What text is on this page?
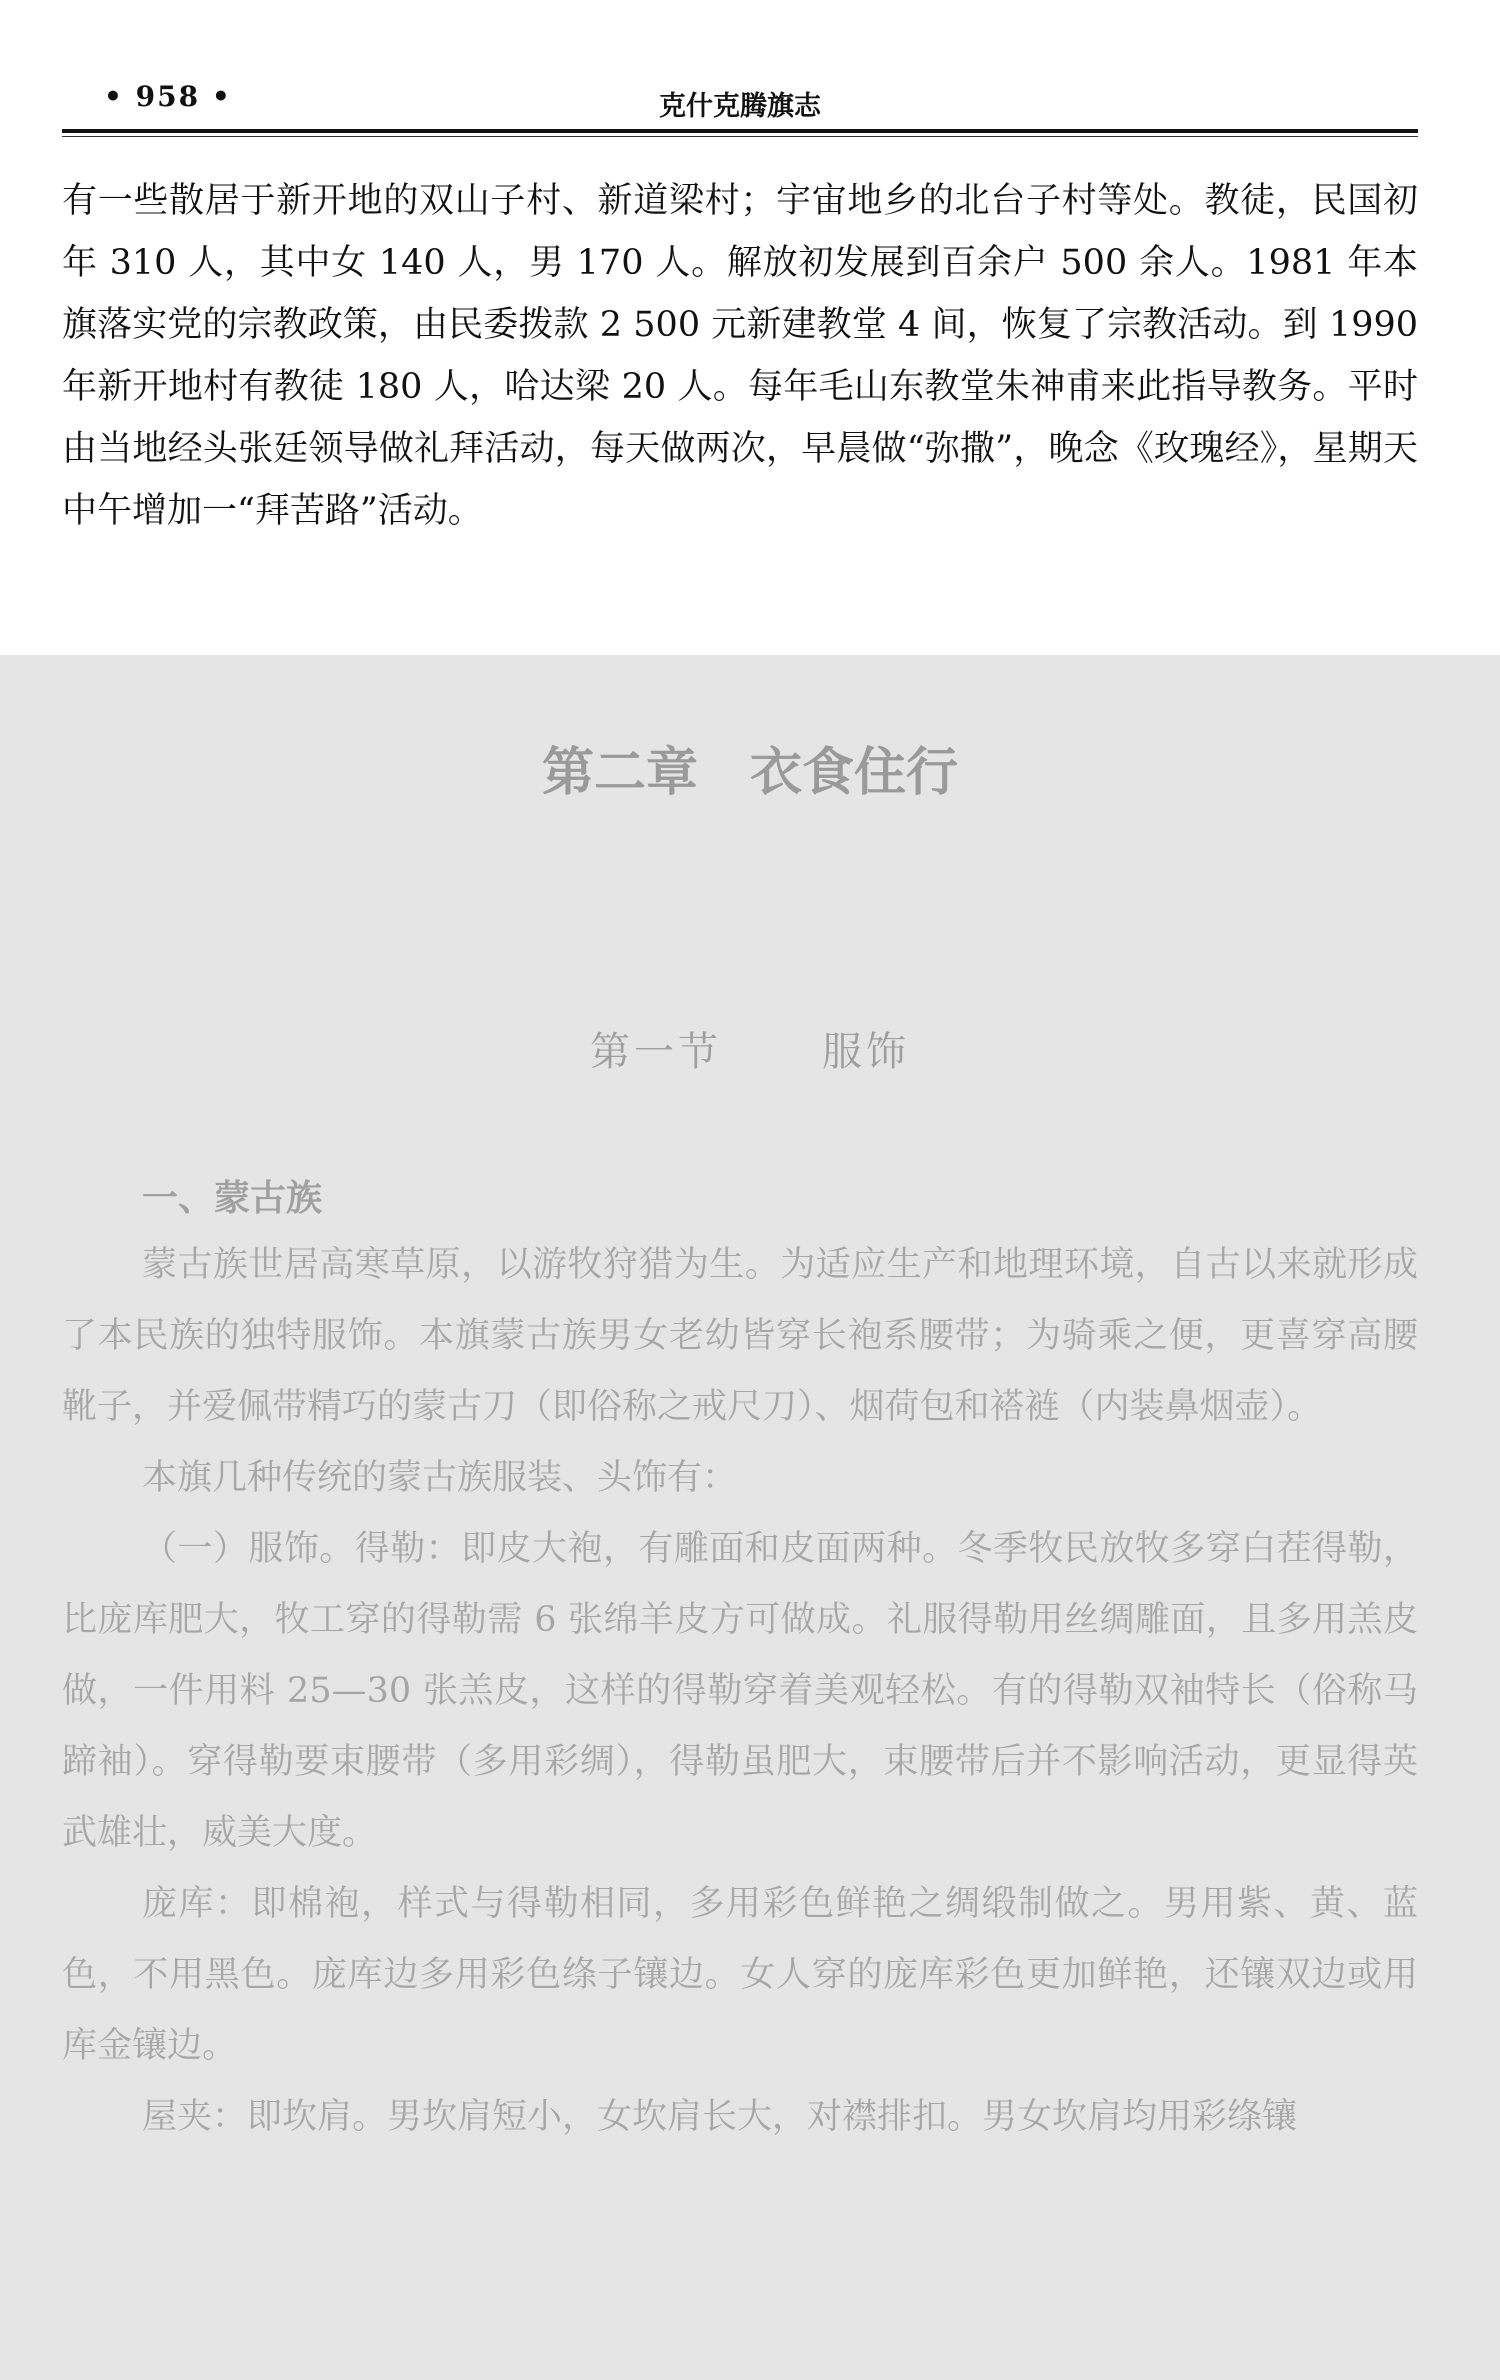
• 958 •	克什克腾旗志

有一些散居于新开地的双山子村、新道梁村；宇宙地乡的北台子村等处。教徒，民国初年 310 人，其中女 140 人，男 170 人。解放初发展到百余户 500 余人。1981 年本旗落实党的宗教政策，由民委拨款 2 500 元新建教堂 4 间，恢复了宗教活动。到 1990 年新开地村有教徒 180 人，哈达梁 20 人。每年毛山东教堂朱神甫来此指导教务。平时由当地经头张廷领导做礼拜活动，每天做两次，早晨做“弥撒”，晚念《玫瑰经》，星期天中午增加一“拜苦路”活动。

第二章　衣食住行
第一节	服饰
一、蒙古族

蒙古族世居高寒草原，以游牧狩猎为生。为适应生产和地理环境，自古以来就形成了本民族的独特服饰。本旗蒙古族男女老幼皆穿长袍系腰带；为骑乘之便，更喜穿高腰靴子，并爱佩带精巧的蒙古刀（即俗称之戒尺刀）、烟荷包和褡裢（内装鼻烟壶）。

本旗几种传统的蒙古族服装、头饰有：

（一）服饰。得勒：即皮大袍，有雕面和皮面两种。冬季牧民放牧多穿白茬得勒，比庞库肥大，牧工穿的得勒需 6 张绵羊皮方可做成。礼服得勒用丝绸雕面，且多用羔皮做，一件用料 25—30 张羔皮，这样的得勒穿着美观轻松。有的得勒双袖特长（俗称马蹄袖）。穿得勒要束腰带（多用彩绸），得勒虽肥大，束腰带后并不影响活动，更显得英武雄壮，威美大度。

庞库：即棉袍，样式与得勒相同，多用彩色鲜艳之绸缎制做之。男用紫、黄、蓝色，不用黑色。庞库边多用彩色绦子镶边。女人穿的庞库彩色更加鲜艳，还镶双边或用库金镶边。

屋夹：即坎肩。男坎肩短小，女坎肩长大，对襟排扣。男女坎肩均用彩绦镶
